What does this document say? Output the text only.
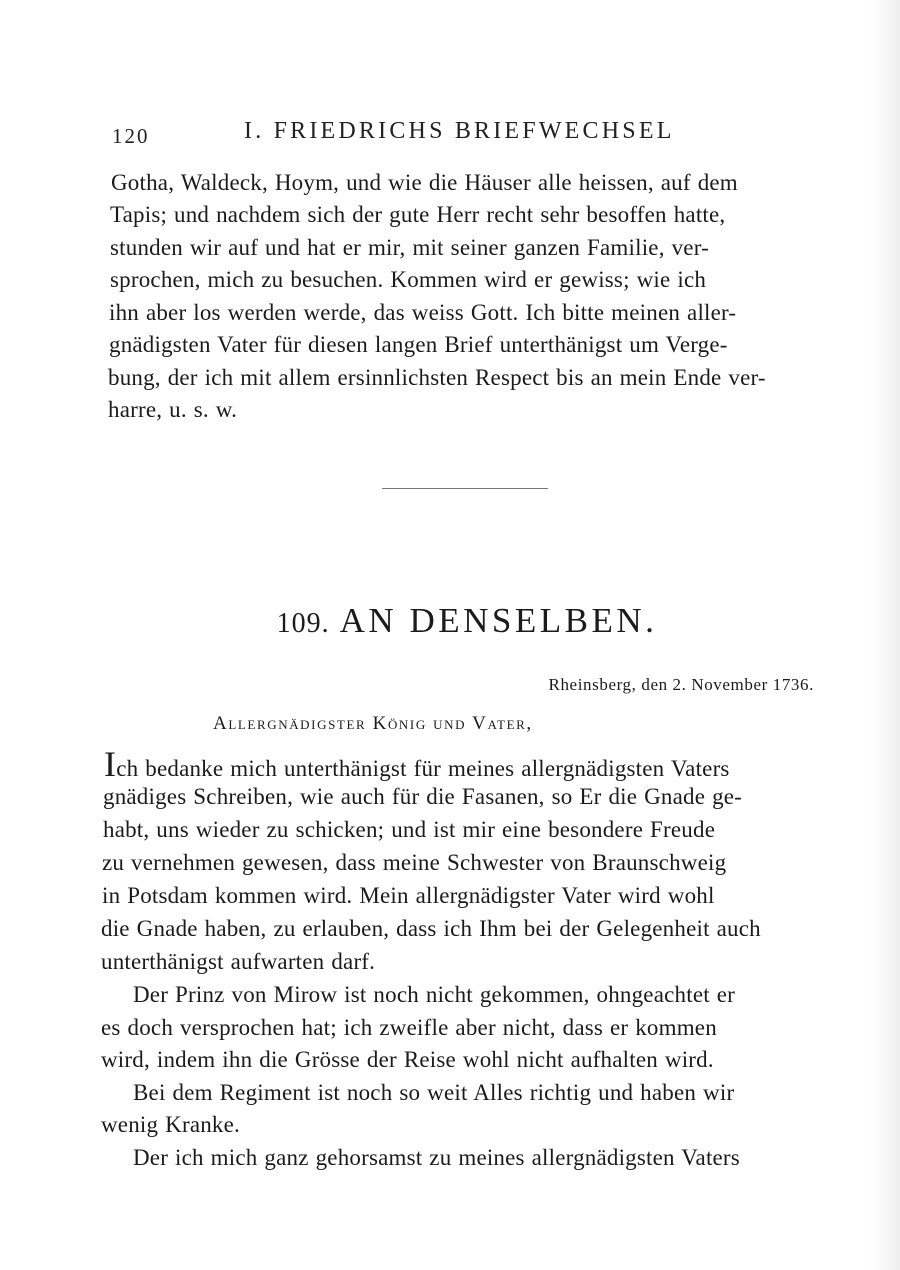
120	I. FRIEDRICHS BRIEFWECHSEL
Gotha, Waldeck, Hoym, und wie die Häuser alle heissen, auf dem
Tapis; und nachdem sich der gute Herr recht sehr besoffen hatte,
stunden wir auf und hat er mir, mit seiner ganzen Familie, ver-
sprochen, mich zu besuchen. Kommen wird er gewiss; wie ich
ihn aber los werden werde, das weiss Gott. Ich bitte meinen aller-
gnädigsten Vater für diesen langen Brief unterthänigst um Verge-
bung, der ich mit allem ersinnlichsten Respect bis an mein Ende ver-
harre, u. s. w.
109. AN DENSELBEN.
Rheinsberg, den 2. November 1736.
Allergnädigster König und Vater,
Ich bedanke mich unterthänigst für meines allergnädigsten Vaters
gnädiges Schreiben, wie auch für die Fasanen, so Er die Gnade ge-
habt, uns wieder zu schicken; und ist mir eine besondere Freude
zu vernehmen gewesen, dass meine Schwester von Braunschweig
in Potsdam kommen wird. Mein allergnädigster Vater wird wohl
die Gnade haben, zu erlauben, dass ich Ihm bei der Gelegenheit auch
unterthänigst aufwarten darf.
Der Prinz von Mirow ist noch nicht gekommen, ohngeachtet er
es doch versprochen hat; ich zweifle aber nicht, dass er kommen
wird, indem ihn die Grösse der Reise wohl nicht aufhalten wird.
Bei dem Regiment ist noch so weit Alles richtig und haben wir
wenig Kranke.
Der ich mich ganz gehorsamst zu meines allergnädigsten Vaters
